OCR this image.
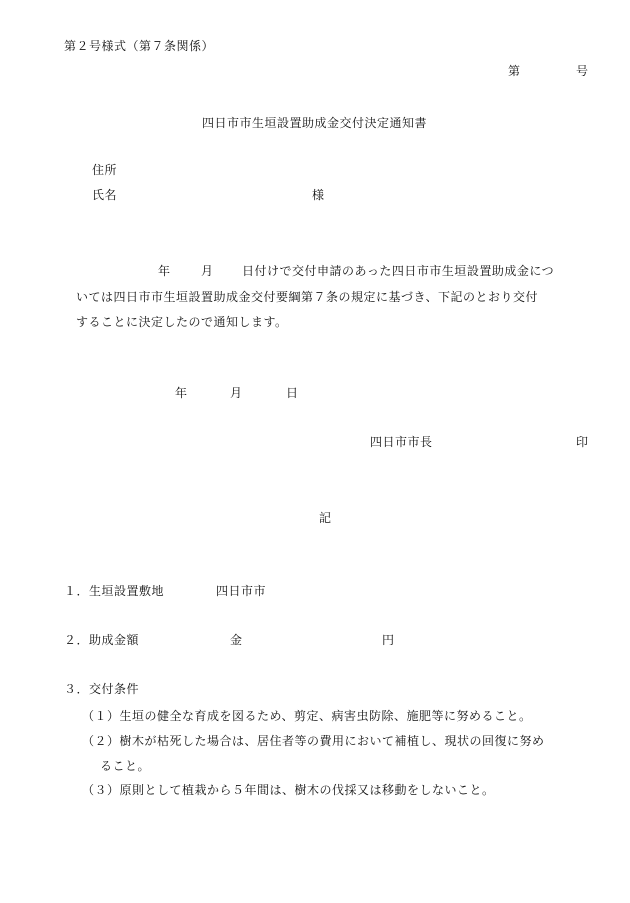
第２号様式（第７条関係）
第	号
四日市市生垣設置助成金交付決定通知書
住所
氏名	様
年	月 日付けで交付申請のあった四日市市生垣設置助成金につ
いては四日市市生垣設置助成金交付要綱第７条の規定に基づき、下記のとおり交付
することに決定したので通知します。
年	月	日
四日市市長	印
記
１．生垣設置敷地	四日市市
２．助成金額	金	円
３．交付条件
（１）生垣の健全な育成を図るため、剪定、病害虫防除、施肥等に努めること。
（２）樹木が枯死した場合は、居住者等の費用において補植し、現状の回復に努め
ること。
（３）原則として植栽から５年間は、樹木の伐採又は移動をしないこと。
